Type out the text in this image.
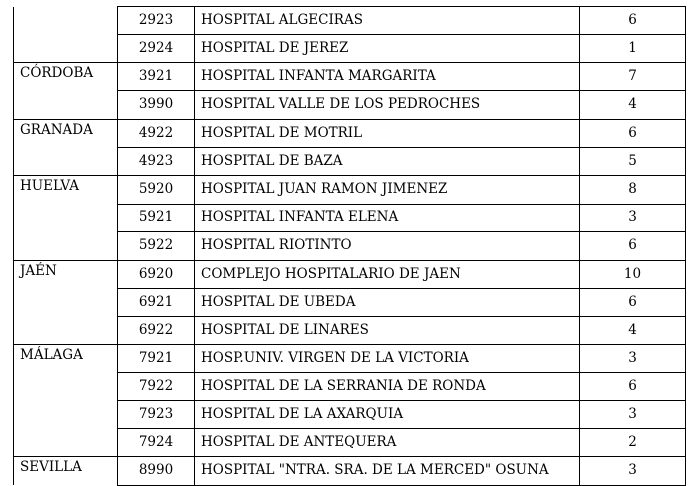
	2923	HOSPITAL ALGECIRAS	6
	2924	HOSPITAL DE JEREZ	1
CÓRDOBA	3921	HOSPITAL INFANTA MARGARITA	7
	3990	HOSPITAL VALLE DE LOS PEDROCHES	4
GRANADA	4922	HOSPITAL DE MOTRIL	6
	4923	HOSPITAL DE BAZA	5
HUELVA	5920	HOSPITAL JUAN RAMON JIMENEZ	8
	5921	HOSPITAL INFANTA ELENA	3
	5922	HOSPITAL RIOTINTO	6
JAÉN	6920	COMPLEJO HOSPITALARIO DE JAEN	10
	6921	HOSPITAL DE UBEDA	6
	6922	HOSPITAL DE LINARES	4
MÁLAGA	7921	HOSP.UNIV. VIRGEN DE LA VICTORIA	3
	7922	HOSPITAL DE LA SERRANIA DE RONDA	6
	7923	HOSPITAL DE LA AXARQUIA	3
	7924	HOSPITAL DE ANTEQUERA	2
SEVILLA	8990	HOSPITAL "NTRA. SRA. DE LA MERCED" OSUNA	3
